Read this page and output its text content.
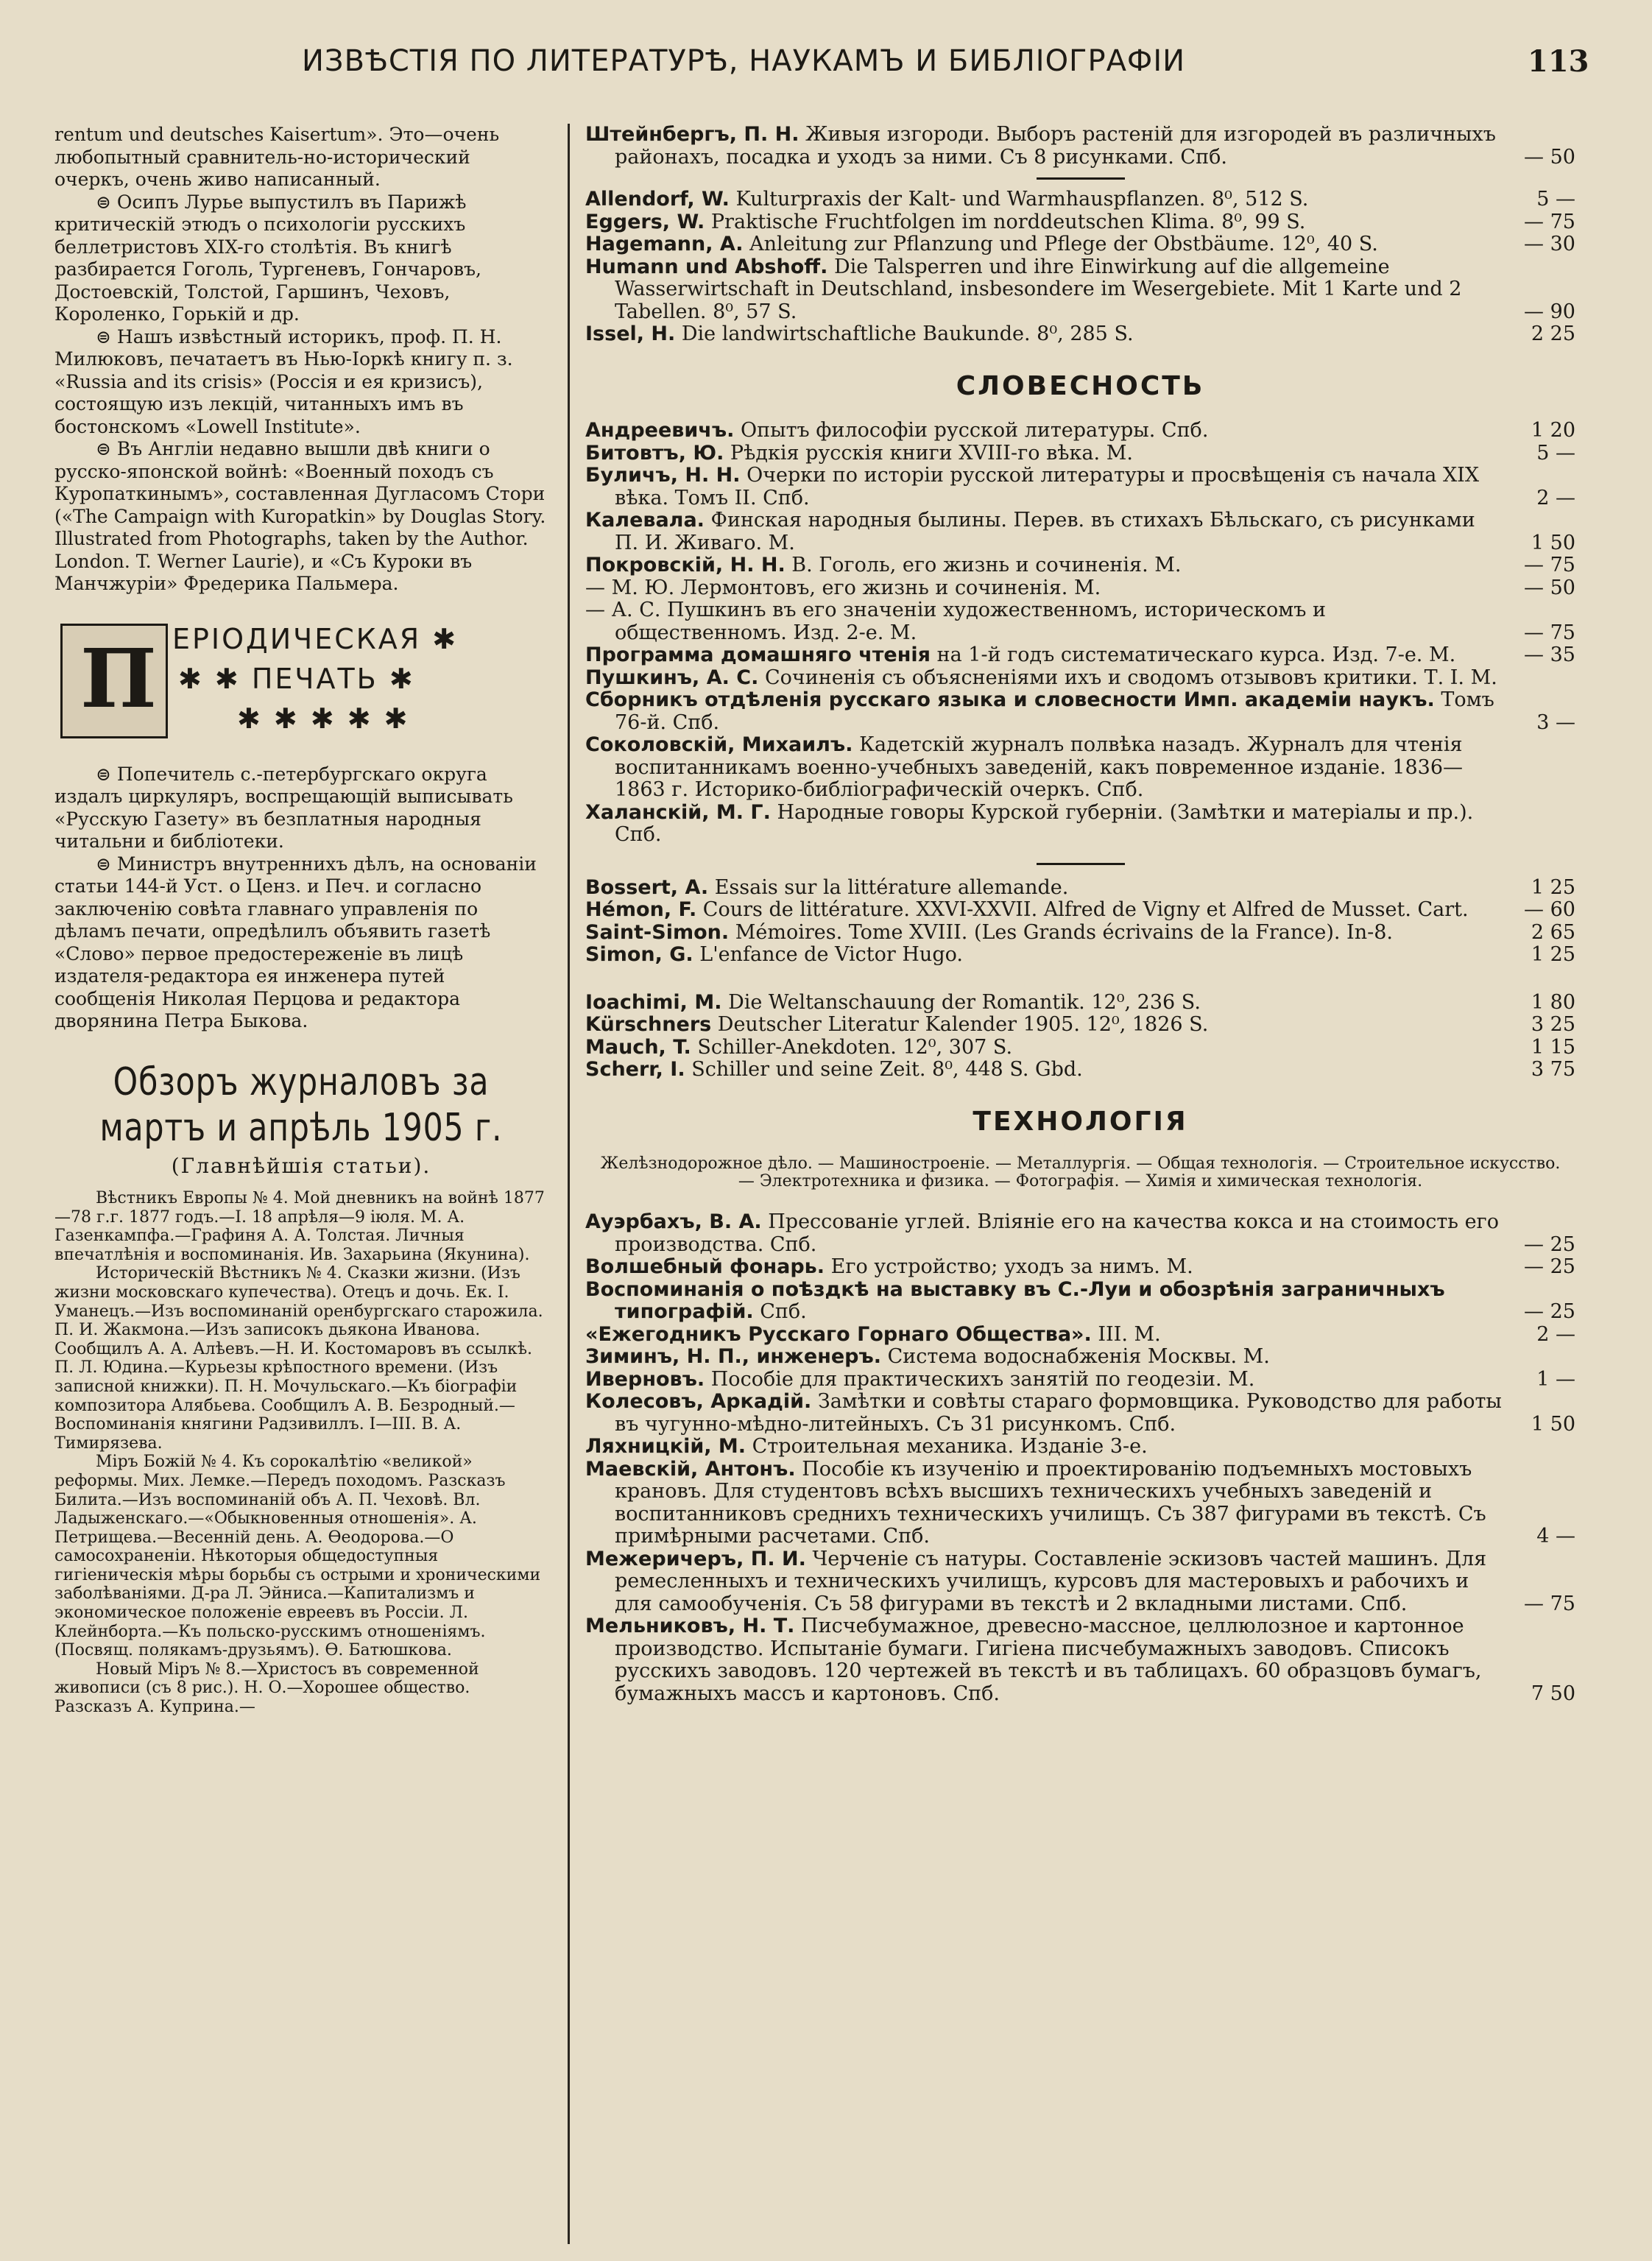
ИЗВѢСТІЯ ПО ЛИТЕРАТУРѢ, НАУКАМЪ И БИБЛІОГРАФІИ	113

rentum und deutsches Kaisertum». Это—очень любопытный сравнитель-но-исторический очеркъ, очень живо написанный.

⊜ Осипъ Лурье выпустилъ въ Парижѣ критическій этюдъ о психологіи русскихъ беллетристовъ XIX-го столѣтія. Въ книгѣ разбирается Гоголь, Тургеневъ, Гончаровъ, Достоевскій, Толстой, Гаршинъ, Чеховъ, Короленко, Горькій и др.

⊜ Нашъ извѣстный историкъ, проф. П. Н. Милюковъ, печатаетъ въ Нью-Іоркѣ книгу п. з. «Russia and its crisis» (Россія и ея кризисъ), состоящую изъ лекцій, читанныхъ имъ въ бостонскомъ «Lowell Institute».

⊜ Въ Англіи недавно вышли двѣ книги о русско-японской войнѣ: «Военный походъ съ Куропаткинымъ», составленная Дугласомъ Стори («The Campaign with Kuropatkin» by Douglas Story. Illustrated from Photographs, taken by the Author. London. T. Werner Laurie), и «Съ Куроки въ Манчжуріи» Фредерика Пальмера.

П ЕРІОДИЧЕСКАЯ ✱
✱ ✱ ПЕЧАТЬ ✱
✱ ✱ ✱ ✱ ✱

⊜ Попечитель с.-петербургскаго округа издалъ циркуляръ, воспрещающій выписывать «Русскую Газету» въ безплатныя народныя читальни и библіотеки.

⊜ Министръ внутреннихъ дѣлъ, на основаніи статьи 144-й Уст. о Ценз. и Печ. и согласно заключенію совѣта главнаго управленія по дѣламъ печати, опредѣлилъ объявить газетѣ «Слово» первое предостереженіе въ лицѣ издателя-редактора ея инженера путей сообщенія Николая Перцова и редактора дворянина Петра Быкова.

Обзоръ журналовъ за мартъ и апрѣль 1905 г.
(Главнѣйшія статьи).

Вѣстникъ Европы № 4. Мой дневникъ на войнѣ 1877—78 г.г. 1877 годъ.—I. 18 апрѣля—9 іюля. М. А. Газенкампфа.—Графиня А. А. Толстая. Личныя впечатлѣнія и воспоминанія. Ив. Захарьина (Якунина).

Историческій Вѣстникъ № 4. Сказки жизни. (Изъ жизни московскаго купечества). Отецъ и дочь. Ек. І. Уманецъ.—Изъ воспоминаній оренбургскаго старожила. П. И. Жакмона.—Изъ записокъ дьякона Иванова. Сообщилъ А. А. Алѣевъ.—Н. И. Костомаровъ въ ссылкѣ. П. Л. Юдина.—Курьезы крѣпостного времени. (Изъ записной книжки). П. Н. Мочульскаго.—Къ біографіи композитора Алябьева. Сообщилъ А. В. Безродный.—Воспоминанія княгини Радзивиллъ. I—III. В. А. Тимирязева.

Міръ Божій № 4. Къ сорокалѣтію «великой» реформы. Мих. Лемке.—Передъ походомъ. Разсказъ Билита.—Изъ воспоминаній объ А. П. Чеховѣ. Вл. Ладыженскаго.—«Обыкновенныя отношенія». А. Петрищева.—Весенній день. А. Ѳеодорова.—О самосохраненіи. Нѣкоторыя общедоступныя гигіеническія мѣры борьбы съ острыми и хроническими заболѣваніями. Д-ра Л. Эйниса.—Капитализмъ и экономическое положеніе евреевъ въ Россіи. Л. Клейнборта.—Къ польско-русскимъ отношеніямъ. (Посвящ. полякамъ-друзьямъ). Ѳ. Батюшкова.

Новый Міръ № 8.—Христосъ въ современной живописи (съ 8 рис.). Н. О.—Хорошее общество. Разсказъ А. Куприна.—

Штейнбергъ, П. Н. Живыя изгороди. Выборъ растеній для изгородей въ различныхъ районахъ, посадка и уходъ за ними. Съ 8 рисунками. Спб.	— 50
Allendorf, W. Kulturpraxis der Kalt- und Warmhauspflanzen. 8⁰, 512 S.	5 —
Eggers, W. Praktische Fruchtfolgen im norddeutschen Klima. 8⁰, 99 S.	— 75
Hagemann, A. Anleitung zur Pflanzung und Pflege der Obstbäume. 12⁰, 40 S.	— 30
Humann und Abshoff. Die Talsperren und ihre Einwirkung auf die allgemeine Wasserwirtschaft in Deutschland, insbesondere im Wesergebiete. Mit 1 Karte und 2 Tabellen. 8⁰, 57 S.	— 90
Issel, H. Die landwirtschaftliche Baukunde. 8⁰, 285 S.	2 25
СЛОВЕСНОСТЬ
Андреевичъ. Опытъ философіи русской литературы. Спб.	1 20
Битовтъ, Ю. Рѣдкія русскія книги XVIII-го вѣка. М.	5 —
Буличъ, Н. Н. Очерки по исторіи русской литературы и просвѣщенія съ начала XIX вѣка. Томъ II. Спб.	2 —
Калевала. Финская народныя былины. Перев. въ стихахъ Бѣльскаго, съ рисунками П. И. Живаго. М.	1 50
Покровскій, Н. Н. В. Гоголь, его жизнь и сочиненія. М.	— 75
— М. Ю. Лермонтовъ, его жизнь и сочиненія. М.	— 50
— А. С. Пушкинъ въ его значеніи художественномъ, историческомъ и общественномъ. Изд. 2-е. М.	— 75
Программа домашняго чтенія на 1-й годъ систематическаго курса. Изд. 7-е. М.	— 35
Пушкинъ, А. С. Сочиненія съ объясненіями ихъ и сводомъ отзывовъ критики. Т. I. М.
Сборникъ отдѣленія русскаго языка и словесности Имп. академіи наукъ. Томъ 76-й. Спб.	3 —
Соколовскій, Михаилъ. Кадетскій журналъ полвѣка назадъ. Журналъ для чтенія воспитанникамъ военно-учебныхъ заведеній, какъ повременное изданіе. 1836—1863 г. Историко-библіографическій очеркъ. Спб.
Халанскій, М. Г. Народные говоры Курской губерніи. (Замѣтки и матеріалы и пр.). Спб.
Bossert, A. Essais sur la littérature allemande.	1 25
Hémon, F. Cours de littérature. XXVI-XXVII. Alfred de Vigny et Alfred de Musset. Cart.	— 60
Saint-Simon. Mémoires. Tome XVIII. (Les Grands écrivains de la France). In-8.	2 65
Simon, G. L'enfance de Victor Hugo.	1 25
Ioachimi, M. Die Weltanschauung der Romantik. 12⁰, 236 S.	1 80
Kürschners Deutscher Literatur Kalender 1905. 12⁰, 1826 S.	3 25
Mauch, T. Schiller-Anekdoten. 12⁰, 307 S.	1 15
Scherr, I. Schiller und seine Zeit. 8⁰, 448 S. Gbd.	3 75
ТЕХНОЛОГІЯ
Желѣзнодорожное дѣло. — Машиностроеніе. — Металлургія. — Общая технологія. — Строительное искусство. — Электротехника и физика. — Фотографія. — Химія и химическая технологія.
Ауэрбахъ, В. А. Прессованіе углей. Вліяніе его на качества кокса и на стоимость его производства. Спб.	— 25
Волшебный фонарь. Его устройство; уходъ за нимъ. М.	— 25
Воспоминанія о поѣздкѣ на выставку въ С.-Луи и обозрѣнія заграничныхъ типографій. Спб.	— 25
«Ежегодникъ Русскаго Горнаго Общества». III. М.	2 —
Зиминъ, Н. П., инженеръ. Система водоснабженія Москвы. М.
Иверновъ. Пособіе для практическихъ занятій по геодезіи. М.	1 —
Колесовъ, Аркадій. Замѣтки и совѣты стараго формовщика. Руководство для работы въ чугунно-мѣдно-литейныхъ. Съ 31 рисункомъ. Спб.	1 50
Ляхницкій, М. Строительная механика. Изданіе 3-е.
Маевскій, Антонъ. Пособіе къ изученію и проектированію подъемныхъ мостовыхъ крановъ. Для студентовъ всѣхъ высшихъ техническихъ учебныхъ заведеній и воспитанниковъ среднихъ техническихъ училищъ. Съ 387 фигурами въ текстѣ. Съ примѣрными расчетами. Спб.	4 —
Межеричеръ, П. И. Черченіе съ натуры. Составленіе эскизовъ частей машинъ. Для ремесленныхъ и техническихъ училищъ, курсовъ для мастеровыхъ и рабочихъ и для самообученія. Съ 58 фигурами въ текстѣ и 2 вкладными листами. Спб.	— 75
Мельниковъ, Н. Т. Писчебумажное, древесно-массное, целлюлозное и картонное производство. Испытаніе бумаги. Гигіена писчебумажныхъ заводовъ. Списокъ русскихъ заводовъ. 120 чертежей въ текстѣ и въ таблицахъ. 60 образцовъ бумагъ, бумажныхъ массъ и картоновъ. Спб.	7 50
